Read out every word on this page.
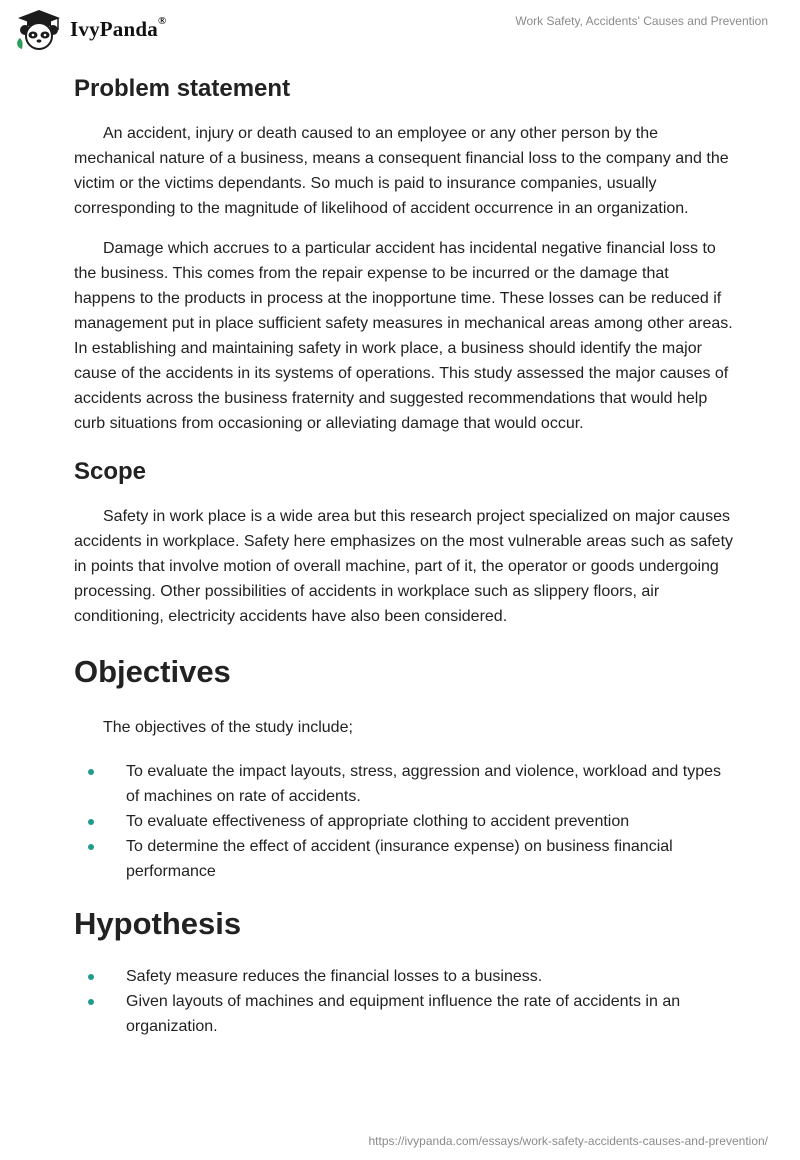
IvyPanda®	Work Safety, Accidents' Causes and Prevention
Problem statement

An accident, injury or death caused to an employee or any other person by the mechanical nature of a business, means a consequent financial loss to the company and the victim or the victims dependants. So much is paid to insurance companies, usually corresponding to the magnitude of likelihood of accident occurrence in an organization.

Damage which accrues to a particular accident has incidental negative financial loss to the business. This comes from the repair expense to be incurred or the damage that happens to the products in process at the inopportune time. These losses can be reduced if management put in place sufficient safety measures in mechanical areas among other areas. In establishing and maintaining safety in work place, a business should identify the major cause of the accidents in its systems of operations. This study assessed the major causes of accidents across the business fraternity and suggested recommendations that would help curb situations from occasioning or alleviating damage that would occur.

Scope

Safety in work place is a wide area but this research project specialized on major causes accidents in workplace. Safety here emphasizes on the most vulnerable areas such as safety in points that involve motion of overall machine, part of it, the operator or goods undergoing processing. Other possibilities of accidents in workplace such as slippery floors, air conditioning, electricity accidents have also been considered.

Objectives

The objectives of the study include;

To evaluate the impact layouts, stress, aggression and violence, workload and types of machines on rate of accidents.
To evaluate effectiveness of appropriate clothing to accident prevention
To determine the effect of accident (insurance expense) on business financial performance
Hypothesis
Safety measure reduces the financial losses to a business.
Given layouts of machines and equipment influence the rate of accidents in an organization.
https://ivypanda.com/essays/work-safety-accidents-causes-and-prevention/
